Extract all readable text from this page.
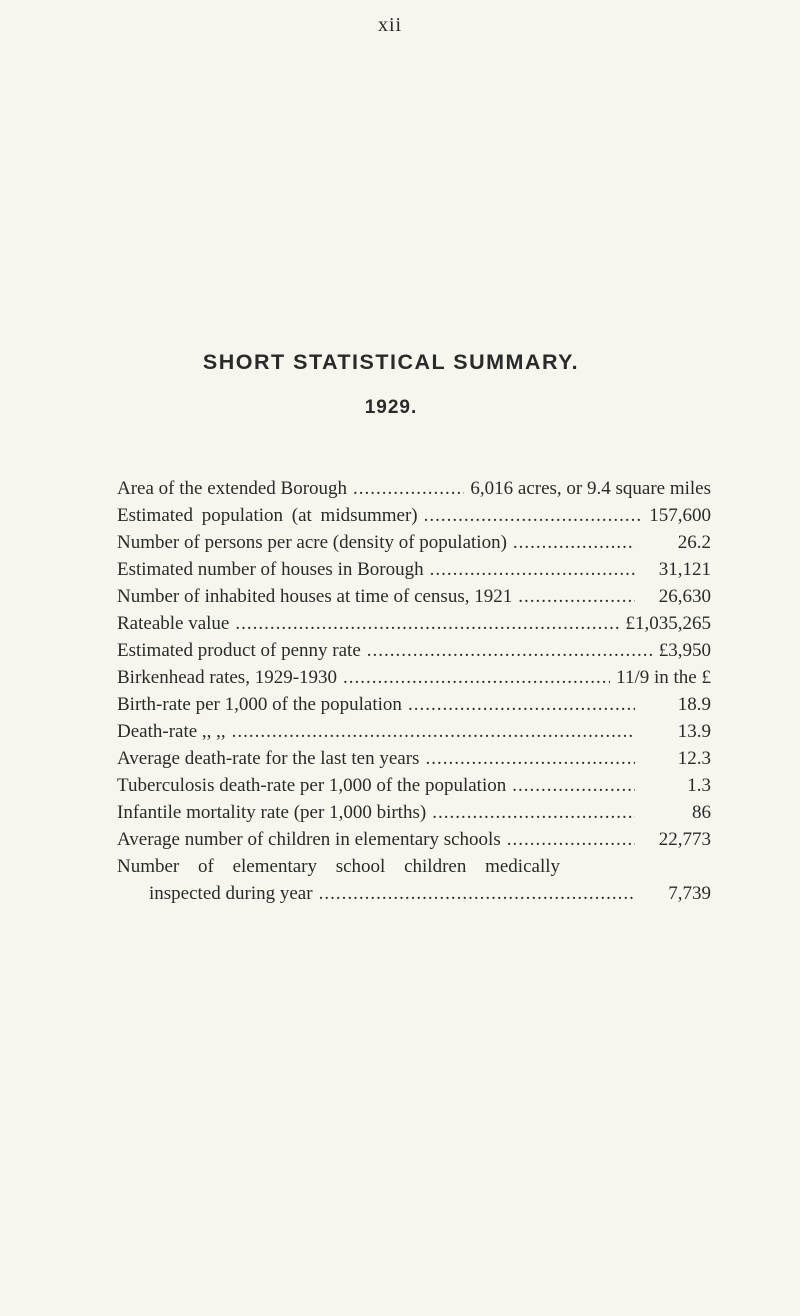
xii
SHORT STATISTICAL SUMMARY.
1929.
Area of the extended Borough .....	6,016 acres, or 9.4 square miles
Estimated population (at midsummer) .....	157,600
Number of persons per acre (density of population) .....	26.2
Estimated number of houses in Borough .....	31,121
Number of inhabited houses at time of census, 1921 .....	26,630
Rateable value .....	£1,035,265
Estimated product of penny rate .....	£3,950
Birkenhead rates, 1929-1930 .....	11/9 in the £
Birth-rate per 1,000 of the population .....	18.9
Death-rate ,, ,, .....	13.9
Average death-rate for the last ten years .....	12.3
Tuberculosis death-rate per 1,000 of the population .....	1.3
Infantile mortality rate (per 1,000 births) .....	86
Average number of children in elementary schools .....	22,773
Number of elementary school children medically
inspected during year .....	7,739
